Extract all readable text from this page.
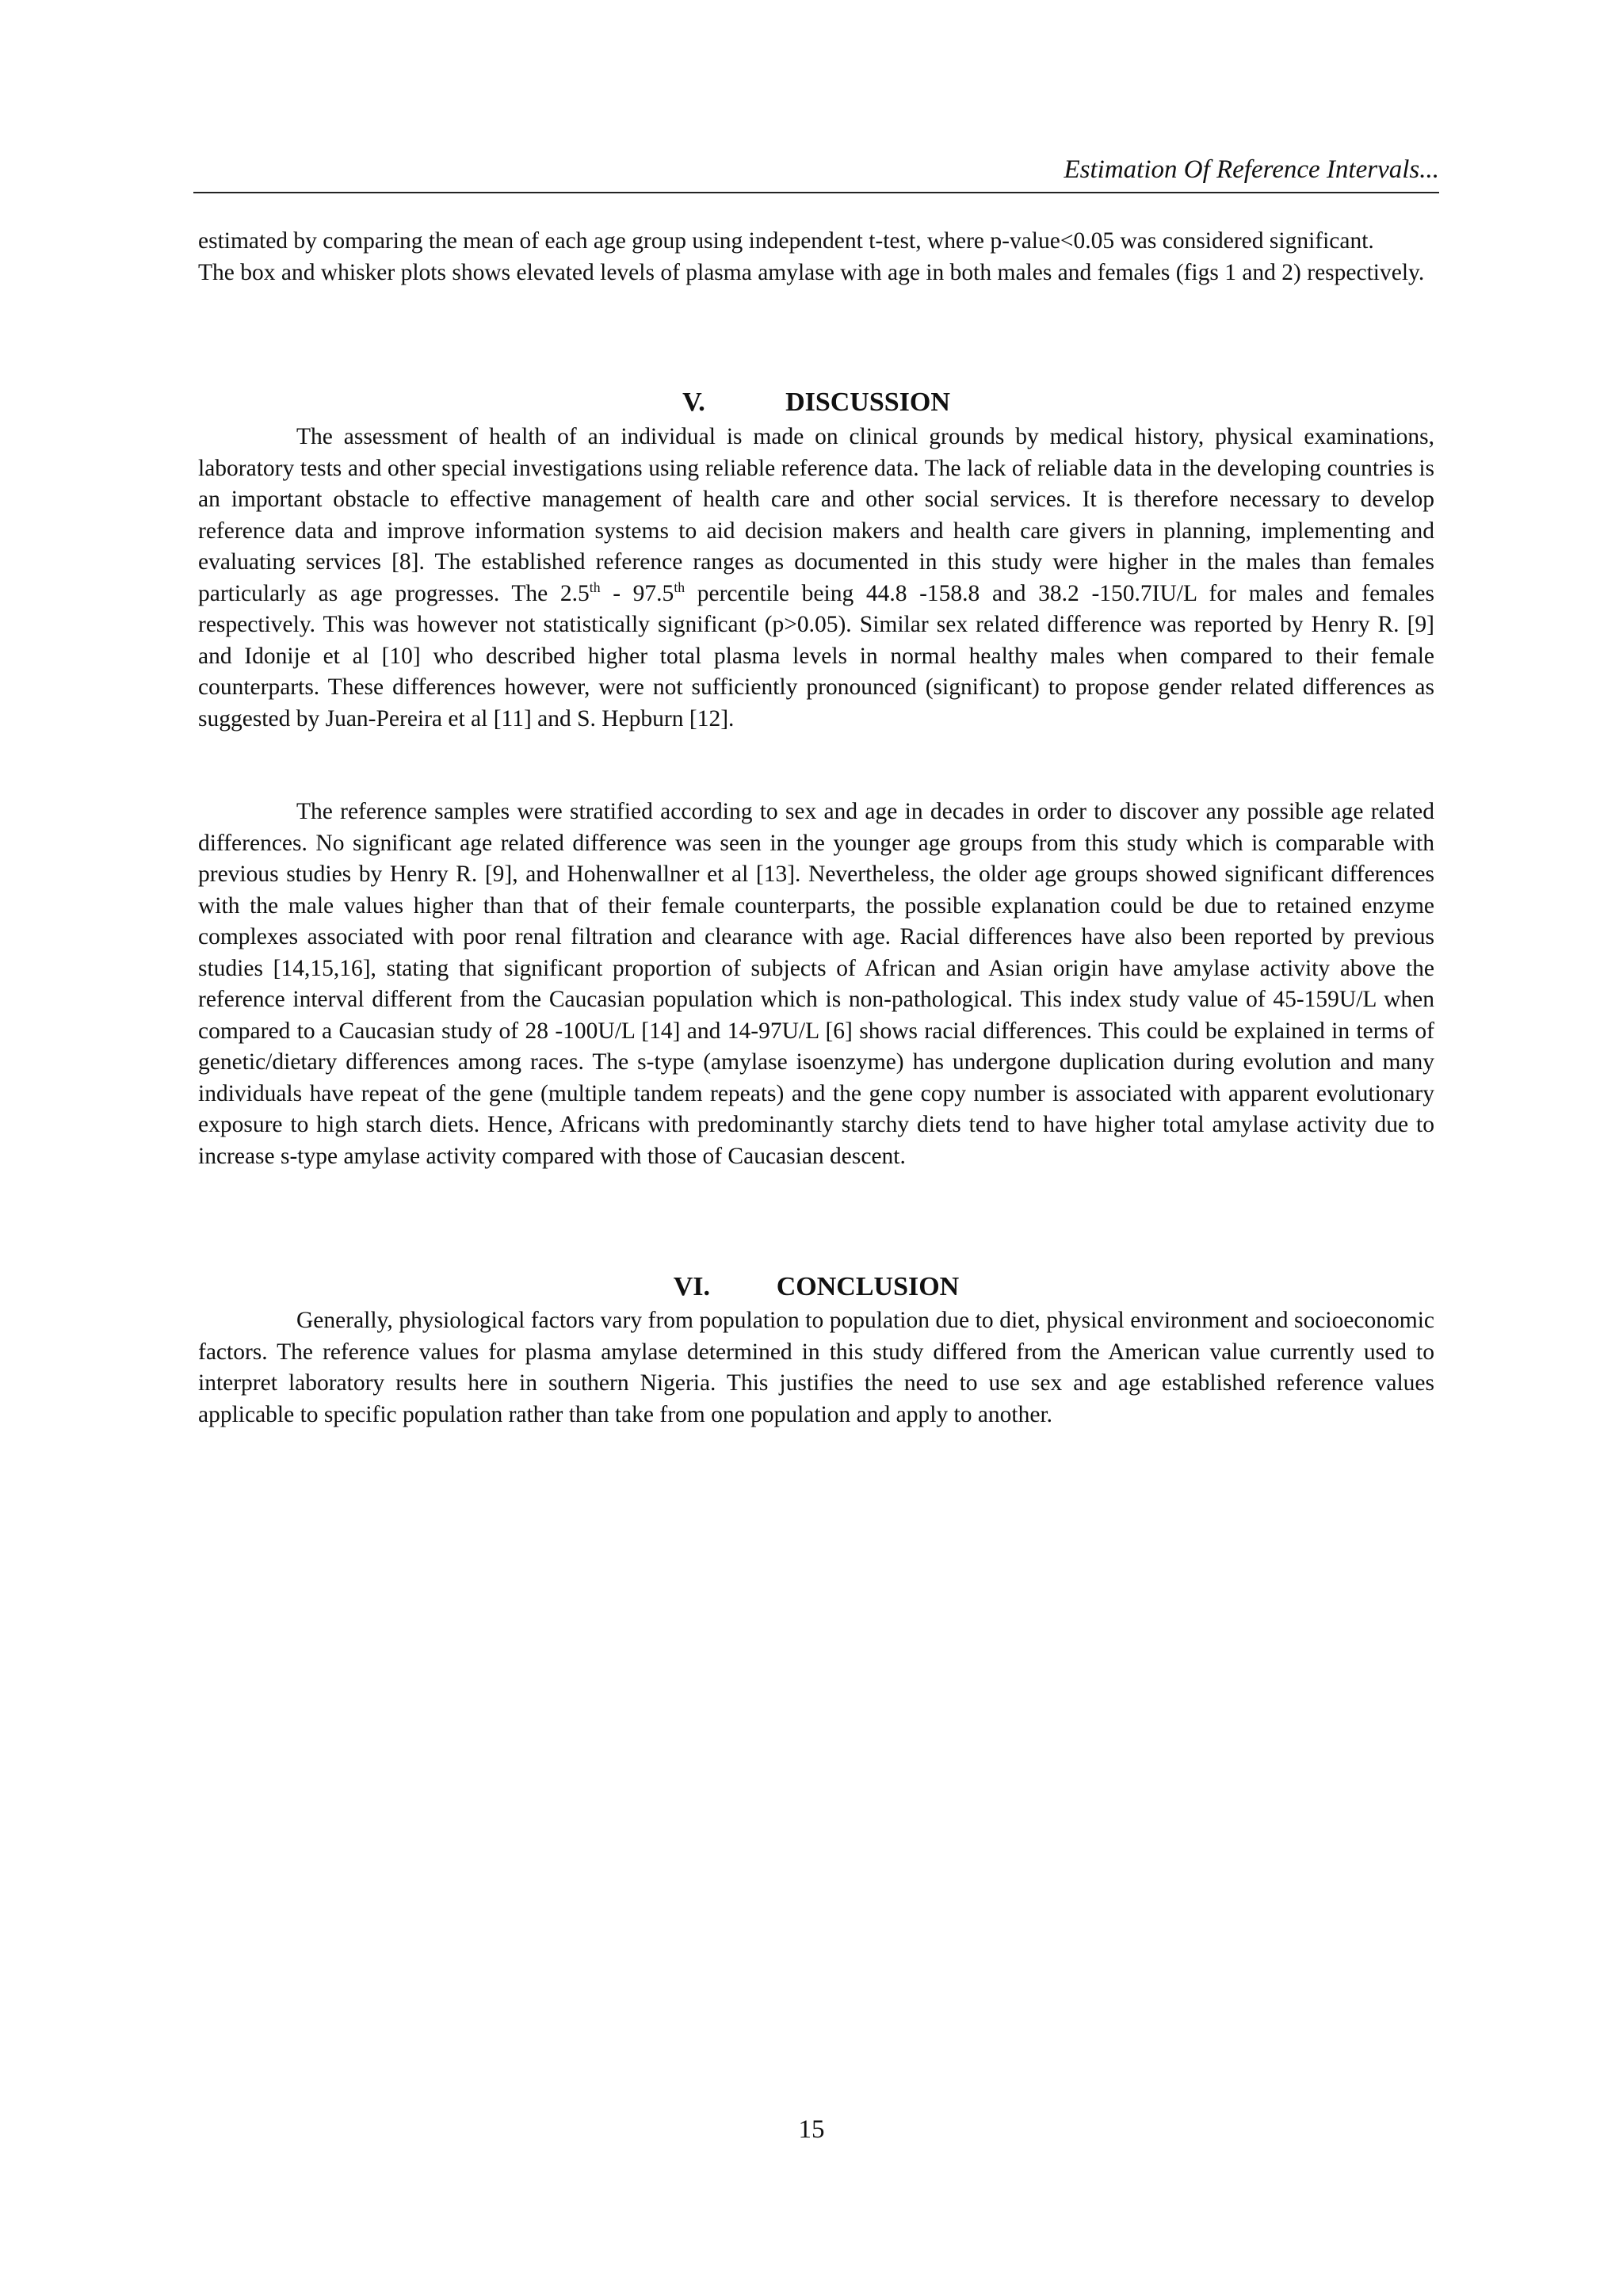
Estimation Of Reference Intervals...

estimated by comparing the mean of each age group using independent t-test, where p-value<0.05 was considered significant.

The box and whisker plots shows elevated levels of plasma amylase with age in both males and females (figs 1 and 2) respectively.

V.	DISCUSSION

The assessment of health of an individual is made on clinical grounds by medical history, physical examinations, laboratory tests and other special investigations using reliable reference data. The lack of reliable data in the developing countries is an important obstacle to effective management of health care and other social services. It is therefore necessary to develop reference data and improve information systems to aid decision makers and health care givers in planning, implementing and evaluating services [8]. The established reference ranges as documented in this study were higher in the males than females particularly as age progresses. The 2.5th - 97.5th percentile being 44.8 -158.8 and 38.2 -150.7IU/L for males and females respectively. This was however not statistically significant (p>0.05). Similar sex related difference was reported by Henry R. [9] and Idonije et al [10] who described higher total plasma levels in normal healthy males when compared to their female counterparts. These differences however, were not sufficiently pronounced (significant) to propose gender related differences as suggested by Juan-Pereira et al [11] and S. Hepburn [12].

The reference samples were stratified according to sex and age in decades in order to discover any possible age related differences. No significant age related difference was seen in the younger age groups from this study which is comparable with previous studies by Henry R. [9], and Hohenwallner et al [13]. Nevertheless, the older age groups showed significant differences with the male values higher than that of their female counterparts, the possible explanation could be due to retained enzyme complexes associated with poor renal filtration and clearance with age. Racial differences have also been reported by previous studies [14,15,16], stating that significant proportion of subjects of African and Asian origin have amylase activity above the reference interval different from the Caucasian population which is non-pathological. This index study value of 45-159U/L when compared to a Caucasian study of 28 -100U/L [14] and 14-97U/L [6] shows racial differences. This could be explained in terms of genetic/dietary differences among races. The s-type (amylase isoenzyme) has undergone duplication during evolution and many individuals have repeat of the gene (multiple tandem repeats) and the gene copy number is associated with apparent evolutionary exposure to high starch diets. Hence, Africans with predominantly starchy diets tend to have higher total amylase activity due to increase s-type amylase activity compared with those of Caucasian descent.

VI. CONCLUSION

Generally, physiological factors vary from population to population due to diet, physical environment and socioeconomic factors. The reference values for plasma amylase determined in this study differed from the American value currently used to interpret laboratory results here in southern Nigeria. This justifies the need to use sex and age established reference values applicable to specific population rather than take from one population and apply to another.

15
